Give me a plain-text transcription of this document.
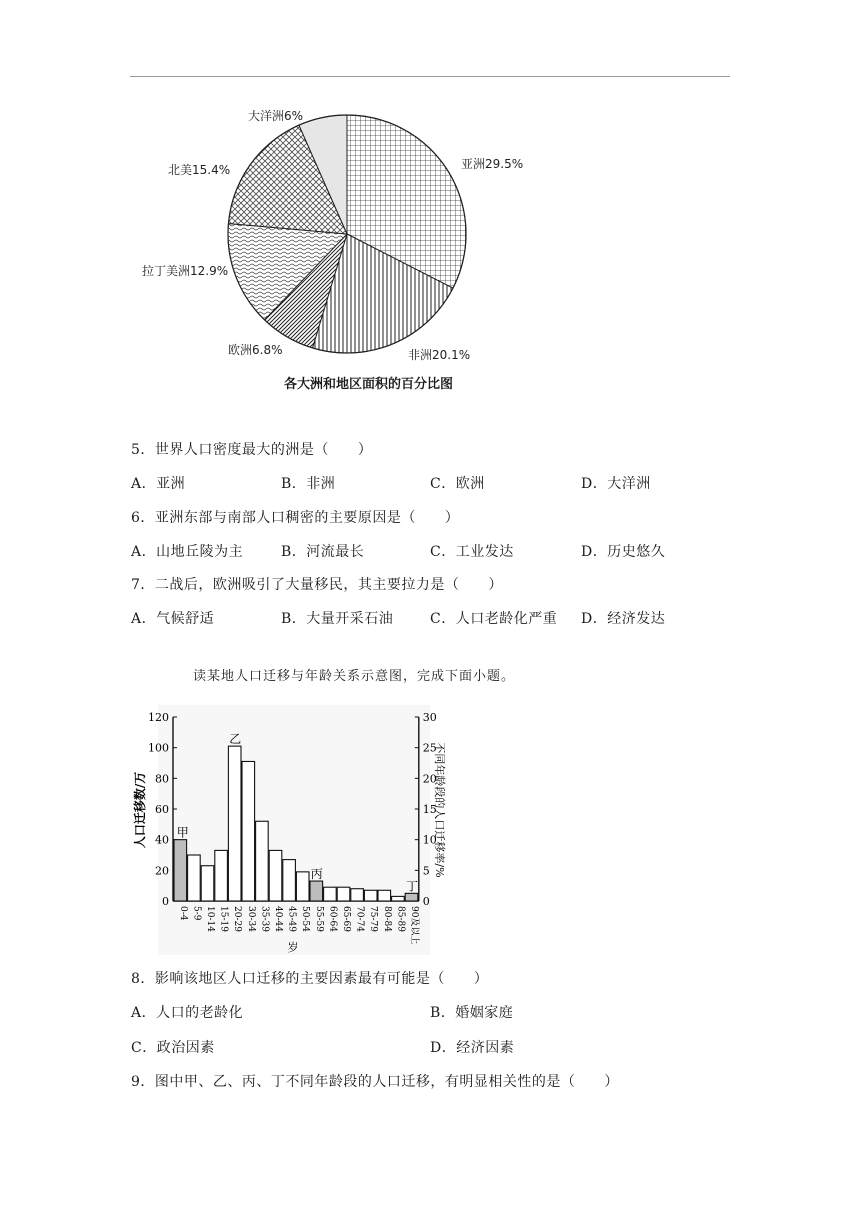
大洋洲6%
亚洲29.5%
北美15.4%
拉丁美洲12.9%
欧洲6.8%	非洲20.1%
各大洲和地区面积的百分比图
5．世界人口密度最大的洲是（　　）
A．亚洲	B．非洲	C．欧洲	D．大洋洲
6．亚洲东部与南部人口稠密的主要原因是（　　）
A．山地丘陵为主	B．河流最长	C．工业发达	D．历史悠久
7．二战后，欧洲吸引了大量移民，其主要拉力是（　　）
A．气候舒适	B．大量开采石油	C．人口老龄化严重 D．经济发达
读某地人口迁移与年龄关系示意图，完成下面小题。
0
20
40
60
80
100
120
0
5
10
15
20
25
30
0-4
甲
5-9 10-14 15-19 20-29
乙
30-34 35-39 40-44 45-49 50-54 55-59
丙
60-64 65-69 70-74 75-79 80-84 85-89 90及以上
丁
人口迁移数/万	不同年龄段的人口迁移率/%
岁
8．影响该地区人口迁移的主要因素最有可能是（　　）
A．人口的老龄化	B．婚姻家庭
C．政治因素	D．经济因素
9．图中甲、乙、丙、丁不同年龄段的人口迁移，有明显相关性的是（　　）
